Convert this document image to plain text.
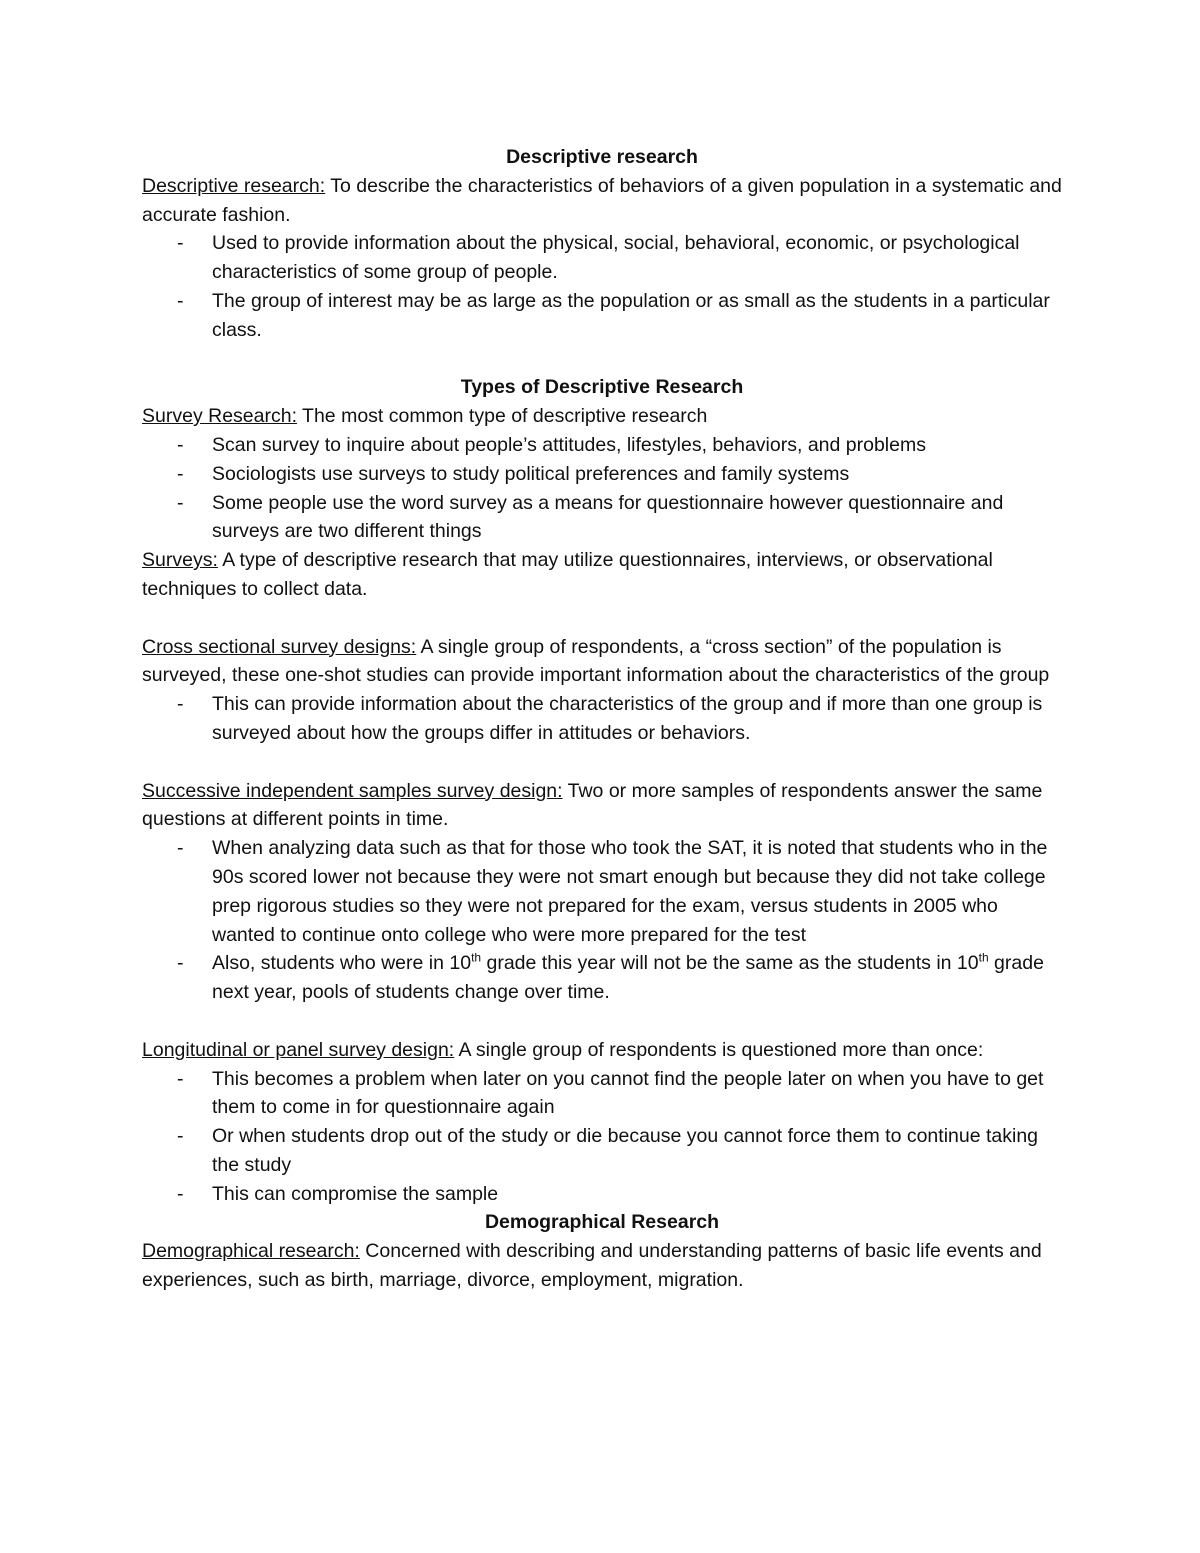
Descriptive research
Descriptive research: To describe the characteristics of behaviors of a given population in a systematic and accurate fashion.
- Used to provide information about the physical, social, behavioral, economic, or psychological characteristics of some group of people.
- The group of interest may be as large as the population or as small as the students in a particular class.
Types of Descriptive Research
Survey Research: The most common type of descriptive research
- Scan survey to inquire about people’s attitudes, lifestyles, behaviors, and problems
- Sociologists use surveys to study political preferences and family systems
- Some people use the word survey as a means for questionnaire however questionnaire and surveys are two different things
Surveys: A type of descriptive research that may utilize questionnaires, interviews, or observational techniques to collect data.
Cross sectional survey designs: A single group of respondents, a “cross section” of the population is surveyed, these one-shot studies can provide important information about the characteristics of the group
- This can provide information about the characteristics of the group and if more than one group is surveyed about how the groups differ in attitudes or behaviors.
Successive independent samples survey design: Two or more samples of respondents answer the same questions at different points in time.
- When analyzing data such as that for those who took the SAT, it is noted that students who in the 90s scored lower not because they were not smart enough but because they did not take college prep rigorous studies so they were not prepared for the exam, versus students in 2005 who wanted to continue onto college who were more prepared for the test
- Also, students who were in 10th grade this year will not be the same as the students in 10th grade next year, pools of students change over time.
Longitudinal or panel survey design: A single group of respondents is questioned more than once:
- This becomes a problem when later on you cannot find the people later on when you have to get them to come in for questionnaire again
- Or when students drop out of the study or die because you cannot force them to continue taking the study
- This can compromise the sample
Demographical Research
Demographical research: Concerned with describing and understanding patterns of basic life events and experiences, such as birth, marriage, divorce, employment, migration.
